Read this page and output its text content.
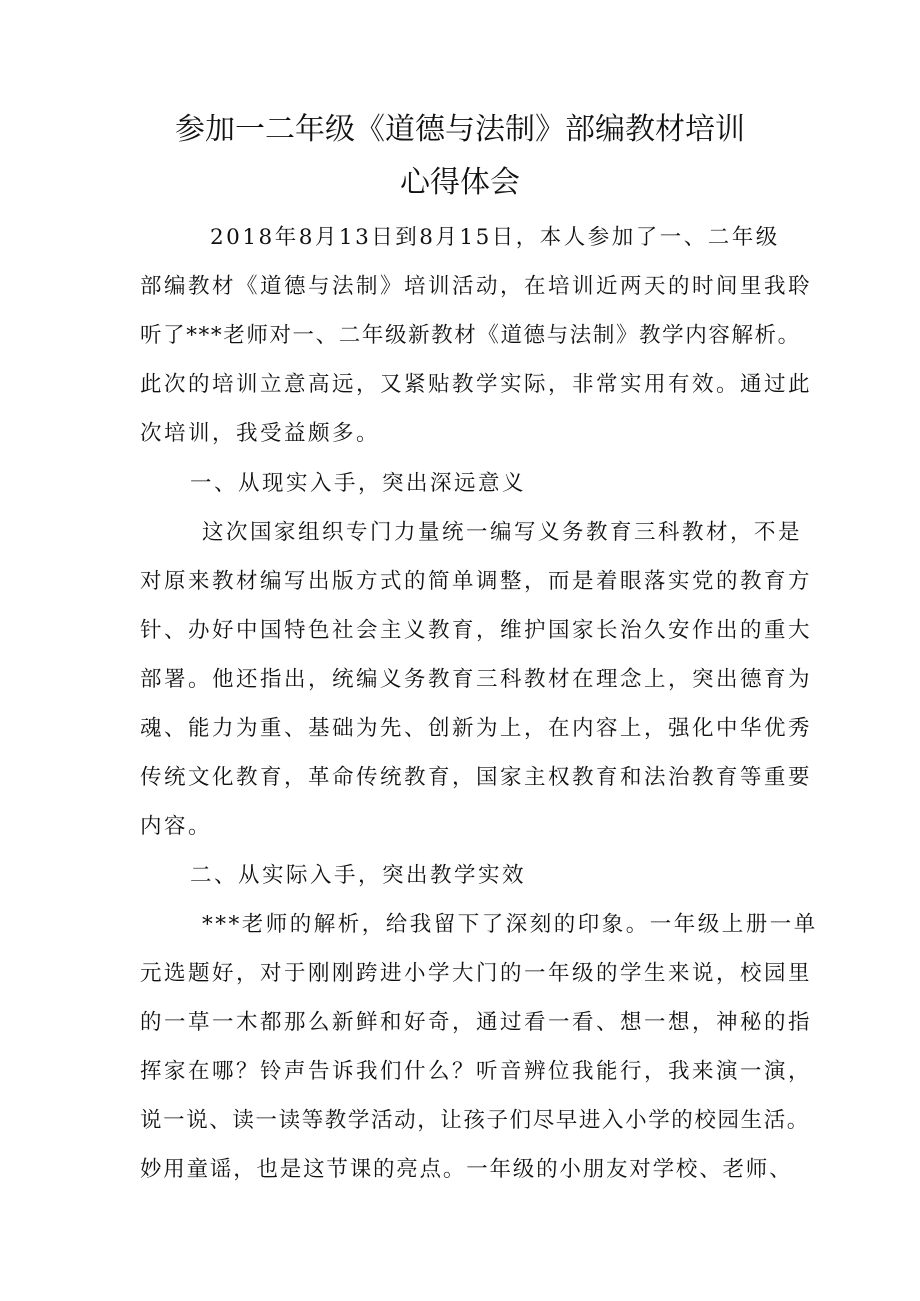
参加一二年级《道德与法制》部编教材培训
心得体会
2018年8月13日到8月15日，本人参加了一、二年级
部编教材《道德与法制》培训活动，在培训近两天的时间里我聆
听了***老师对一、二年级新教材《道德与法制》教学内容解析。
此次的培训立意高远，又紧贴教学实际，非常实用有效。通过此
次培训，我受益颇多。
一、从现实入手，突出深远意义
这次国家组织专门力量统一编写义务教育三科教材，不是
对原来教材编写出版方式的简单调整，而是着眼落实党的教育方
针、办好中国特色社会主义教育，维护国家长治久安作出的重大
部署。他还指出，统编义务教育三科教材在理念上，突出德育为
魂、能力为重、基础为先、创新为上，在内容上，强化中华优秀
传统文化教育，革命传统教育，国家主权教育和法治教育等重要
内容。
二、从实际入手，突出教学实效
***老师的解析，给我留下了深刻的印象。一年级上册一单
元选题好，对于刚刚跨进小学大门的一年级的学生来说，校园里
的一草一木都那么新鲜和好奇，通过看一看、想一想，神秘的指
挥家在哪？铃声告诉我们什么？听音辨位我能行，我来演一演，
说一说、读一读等教学活动，让孩子们尽早进入小学的校园生活。
妙用童谣，也是这节课的亮点。一年级的小朋友对学校、老师、
